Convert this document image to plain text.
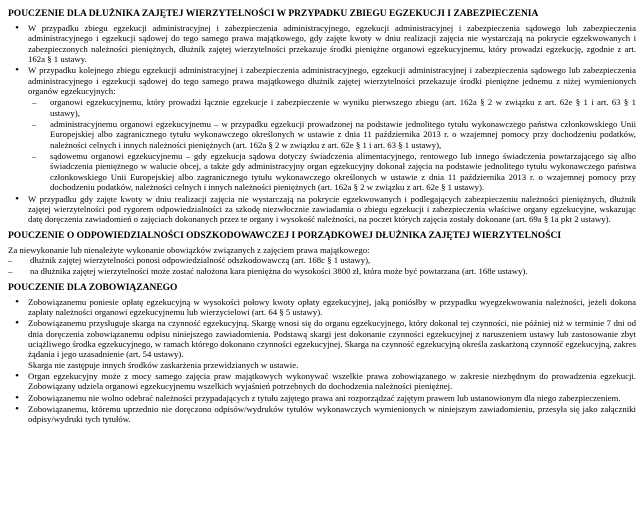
POUCZENIE DLA DŁUŻNIKA ZAJĘTEJ WIERZYTELNOŚCI W PRZYPADKU ZBIEGU EGZEKUCJI I ZABEZPIECZENIA
•	W przypadku zbiegu egzekucji administracyjnej i zabezpieczenia administracyjnego, egzekucji administracyjnej i zabezpieczenia sądowego lub zabezpieczenia administracyjnego i egzekucji sądowej do tego samego prawa majątkowego, gdy zajęte kwoty w dniu realizacji zajęcia nie wystarczają na pokrycie egzekwowanych i zabezpieczonych należności pieniężnych, dłużnik zajętej wierzytelności przekazuje środki pieniężne organowi egzekucyjnemu, który prowadzi egzekucję, zgodnie z art. 162a § 1 ustawy.
•	W przypadku kolejnego zbiegu egzekucji administracyjnej i zabezpieczenia administracyjnego, egzekucji administracyjnej i zabezpieczenia sądowego lub zabezpieczenia administracyjnego i egzekucji sądowej do tego samego prawa majątkowego dłużnik zajętej wierzytelności przekazuje środki pieniężne jednemu z niżej wymienionych organów egzekucyjnych:
– organowi egzekucyjnemu, który prowadzi łącznie egzekucje i zabezpieczenie w wyniku pierwszego zbiegu (art. 162a § 2 w związku z art. 62e § 1 i art. 63 § 1 ustawy),
– administracyjnemu organowi egzekucyjnemu – w przypadku egzekucji prowadzonej na podstawie jednolitego tytułu wykonawczego państwa członkowskiego Unii Europejskiej albo zagranicznego tytułu wykonawczego określonych w ustawie z dnia 11 października 2013 r. o wzajemnej pomocy przy dochodzeniu podatków, należności celnych i innych należności pieniężnych (art. 162a § 2 w związku z art. 62e § 1 i art. 63 § 1 ustawy),
– sądowemu organowi egzekucyjnemu – gdy egzekucja sądowa dotyczy świadczenia alimentacyjnego, rentowego lub innego świadczenia powtarzającego się albo świadczenia pieniężnego w walucie obcej, a także gdy administracyjny organ egzekucyjny dokonał zajęcia na podstawie jednolitego tytułu wykonawczego państwa członkowskiego Unii Europejskiej albo zagranicznego tytułu wykonawczego określonych w ustawie z dnia 11 października 2013 r. o wzajemnej pomocy przy dochodzeniu podatków, należności celnych i innych należności pieniężnych (art. 162a § 2 w związku z art. 62e § 1 ustawy).
•	W przypadku gdy zajęte kwoty w dniu realizacji zajęcia nie wystarczają na pokrycie egzekwowanych i podlegających zabezpieczeniu należności pieniężnych, dłużnik zajętej wierzytelności pod rygorem odpowiedzialności za szkodę niezwłocznie zawiadamia o zbiegu egzekucji i zabezpieczenia właściwe organy egzekucyjne, wskazując datę doręczenia zawiadomień o zajęciach dokonanych przez te organy i wysokość należności, na poczet których zajęcia zostały dokonane (art. 69a § 1a pkt 2 ustawy).
POUCZENIE O ODPOWIEDZIALNOŚCI ODSZKODOWAWCZEJ I PORZĄDKOWEJ DŁUŻNIKA ZAJĘTEJ WIERZYTELNOŚCI

Za niewykonanie lub nienależyte wykonanie obowiązków związanych z zajęciem prawa majątkowego:

– dłużnik zajętej wierzytelności ponosi odpowiedzialność odszkodowawczą (art. 168c § 1 ustawy),
– na dłużnika zajętej wierzytelności może zostać nałożona kara pieniężna do wysokości 3800 zł, która może być powtarzana (art. 168e ustawy).
POUCZENIE DLA ZOBOWIĄZANEGO
•	Zobowiązanemu poniesie opłatę egzekucyjną w wysokości połowy kwoty opłaty egzekucyjnej, jaką poniósłby w przypadku wyegzekwowania należności, jeżeli dokona zapłaty należności organowi egzekucyjnemu lub wierzycielowi (art. 64 § 5 ustawy).
•	Zobowiązanemu przysługuje skarga na czynność egzekucyjną. Skargę wnosi się do organu egzekucyjnego, który dokonał tej czynności, nie później niż w terminie 7 dni od dnia doręczenia zobowiązanemu odpisu niniejszego zawiadomienia. Podstawą skargi jest dokonanie czynności egzekucyjnej z naruszeniem ustawy lub zastosowanie zbyt uciążliwego środka egzekucyjnego, w ramach którego dokonano czynności egzekucyjnej. Skarga na czynność egzekucyjną określa zaskarżoną czynność egzekucyjną, zakres żądania i jego uzasadnienie (art. 54 ustawy).
Skarga nie zastępuje innych środków zaskarżenia przewidzianych w ustawie.
•	Organ egzekucyjny może z mocy samego zajęcia praw majątkowych wykonywać wszelkie prawa zobowiązanego w zakresie niezbędnym do prowadzenia egzekucji. Zobowiązany udziela organowi egzekucyjnemu wszelkich wyjaśnień potrzebnych do dochodzenia należności pieniężnej.
•	Zobowiązanemu nie wolno odebrać należności przypadających z tytułu zajętego prawa ani rozporządzać zajętym prawem lub ustanowionym dla niego zabezpieczeniem.
•	Zobowiązanemu, któremu uprzednio nie doręczono odpisów/wydruków tytułów wykonawczych wymienionych w niniejszym zawiadomieniu, przesyła się jako załączniki odpisy/wydruki tych tytułów.
